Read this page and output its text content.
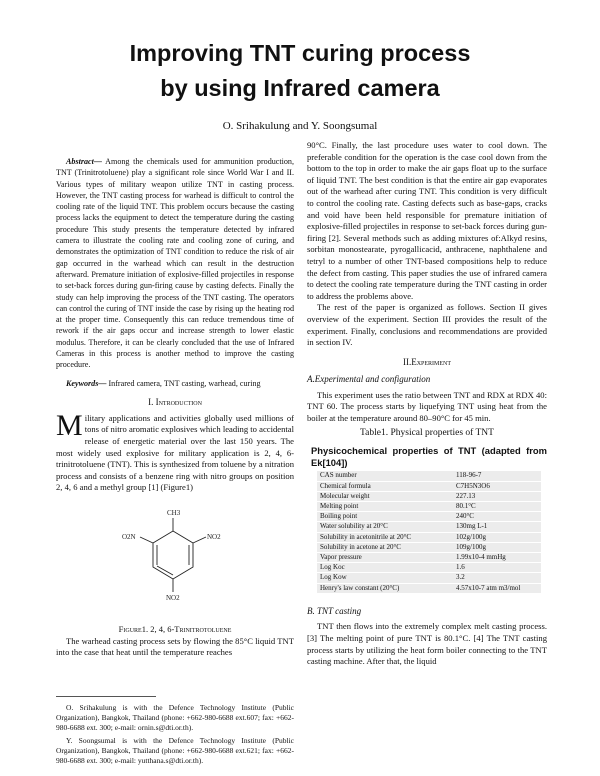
Improving TNT curing process
by using Infrared camera
O. Srihakulung and Y. Soongsumal

Abstract— Among the chemicals used for ammunition production, TNT (Trinitrotoluene) play a significant role since World War I and II. Various types of military weapon utilize TNT in casting process. However, the TNT casting process for warhead is difficult to control the cooling rate of the liquid TNT. This problem occurs because the casting process lacks the equipment to detect the temperature during the casting procedure This study presents the temperature detected by infrared camera to illustrate the cooling rate and cooling zone of curing, and demonstrates the optimization of TNT condition to reduce the risk of air gap occurred in the warhead which can result in the destruction afterward. Premature initiation of explosive-filled projectiles in response to set-back forces during gun-firing cause by casting defects. Finally the study can help improving the process of the TNT casting. The operators can control the curing of TNT inside the case by rising up the heating rod at the proper time. Consequently this can reduce tremendous time of rework if the air gaps occur and increase strength to lower elastic modulus. Therefore, it can be clearly concluded that the use of Infrared Cameras in this process is another method to improve the casting procedure.

Keywords— Infrared camera, TNT casting, warhead, curing

I. Introduction

Military applications and activities globally used millions of tons of nitro aromatic explosives which leading to accidental release of energetic material over the last 150 years. The most widely used explosive for military application is 2, 4, 6-trinitrotoluene (TNT). This is synthesized from toluene by a nitration process and consists of a benzene ring with nitro groups on position 2, 4, 6 and a methyl group [1] (Figure1)

CH3
O2N	NO2
NO2
Figure1. 2, 4, 6-Trinitrotoluene

The warhead casting process sets by flowing the 85°C liquid TNT into the case that heat until the temperature reaches

O. Srihakulung is with the Defence Technology Institute (Public Organization), Bangkok, Thailand (phone: +662-980-6688 ext.607; fax: +662-980-6688 ext. 300; e-mail: ornin.s@dti.or.th).

Y. Soongsumal is with the Defence Technology Institute (Public Organization), Bangkok, Thailand (phone: +662-980-6688 ext.621; fax: +662-980-6688 ext. 300; e-mail: yutthana.s@dti.or.th).

90°C. Finally, the last procedure uses water to cool down. The preferable condition for the operation is the case cool down from the bottom to the top in order to make the air gaps float up to the surface of liquid TNT. The best condition is that the entire air gap evaporates out of the warhead after curing TNT. This condition is very difficult to control the cooling rate. Casting defects such as base-gaps, cracks and void have been held responsible for premature initiation of explosive-filled projectiles in response to set-back forces during gun-firing [2]. Several methods such as adding mixtures of:Alkyd resins, sorbitan monostearate, pyrogallicacid, anthracene, naphthalene and tetryl to a number of other TNT-based compositions help to reduce the defect from casting. This paper studies the use of infrared camera to detect the cooling rate temperature during the TNT casting in order to address the problems above.

The rest of the paper is organized as follows. Section II gives overview of the experiment. Section III provides the result of the experiment. Finally, conclusions and recommendations are provided in section IV.

II.Experiment
A.Experimental and configuration

This experiment uses the ratio between TNT and RDX at RDX 40: TNT 60. The process starts by liquefying TNT using heat from the boiler at the temperature around 80–90°C for 45 min.

Table1. Physical properties of TNT
Physicochemical properties of TNT (adapted from Ek[104])
CAS number	118-96-7
Chemical formula	C7H5N3O6
Molecular weight	227.13
Melting point	80.1°C
Boiling point	240°C
Water solubility at 20°C	130mg L-1
Solubility in acetonitrile at 20°C	102g/100g
Solubility in acetone at 20°C	109g/100g
Vapor pressure	1.99x10-4 mmHg
Log Koc	1.6
Log Kow	3.2
Henry's law constant (20°C)	4.57x10-7 atm m3/mol
B. TNT casting

TNT then flows into the extremely complex melt casting process. [3] The melting point of pure TNT is 80.1°C. [4] The TNT casting process starts by utilizing the heat form boiler connecting to the TNT casting machine. After that, the liquid
